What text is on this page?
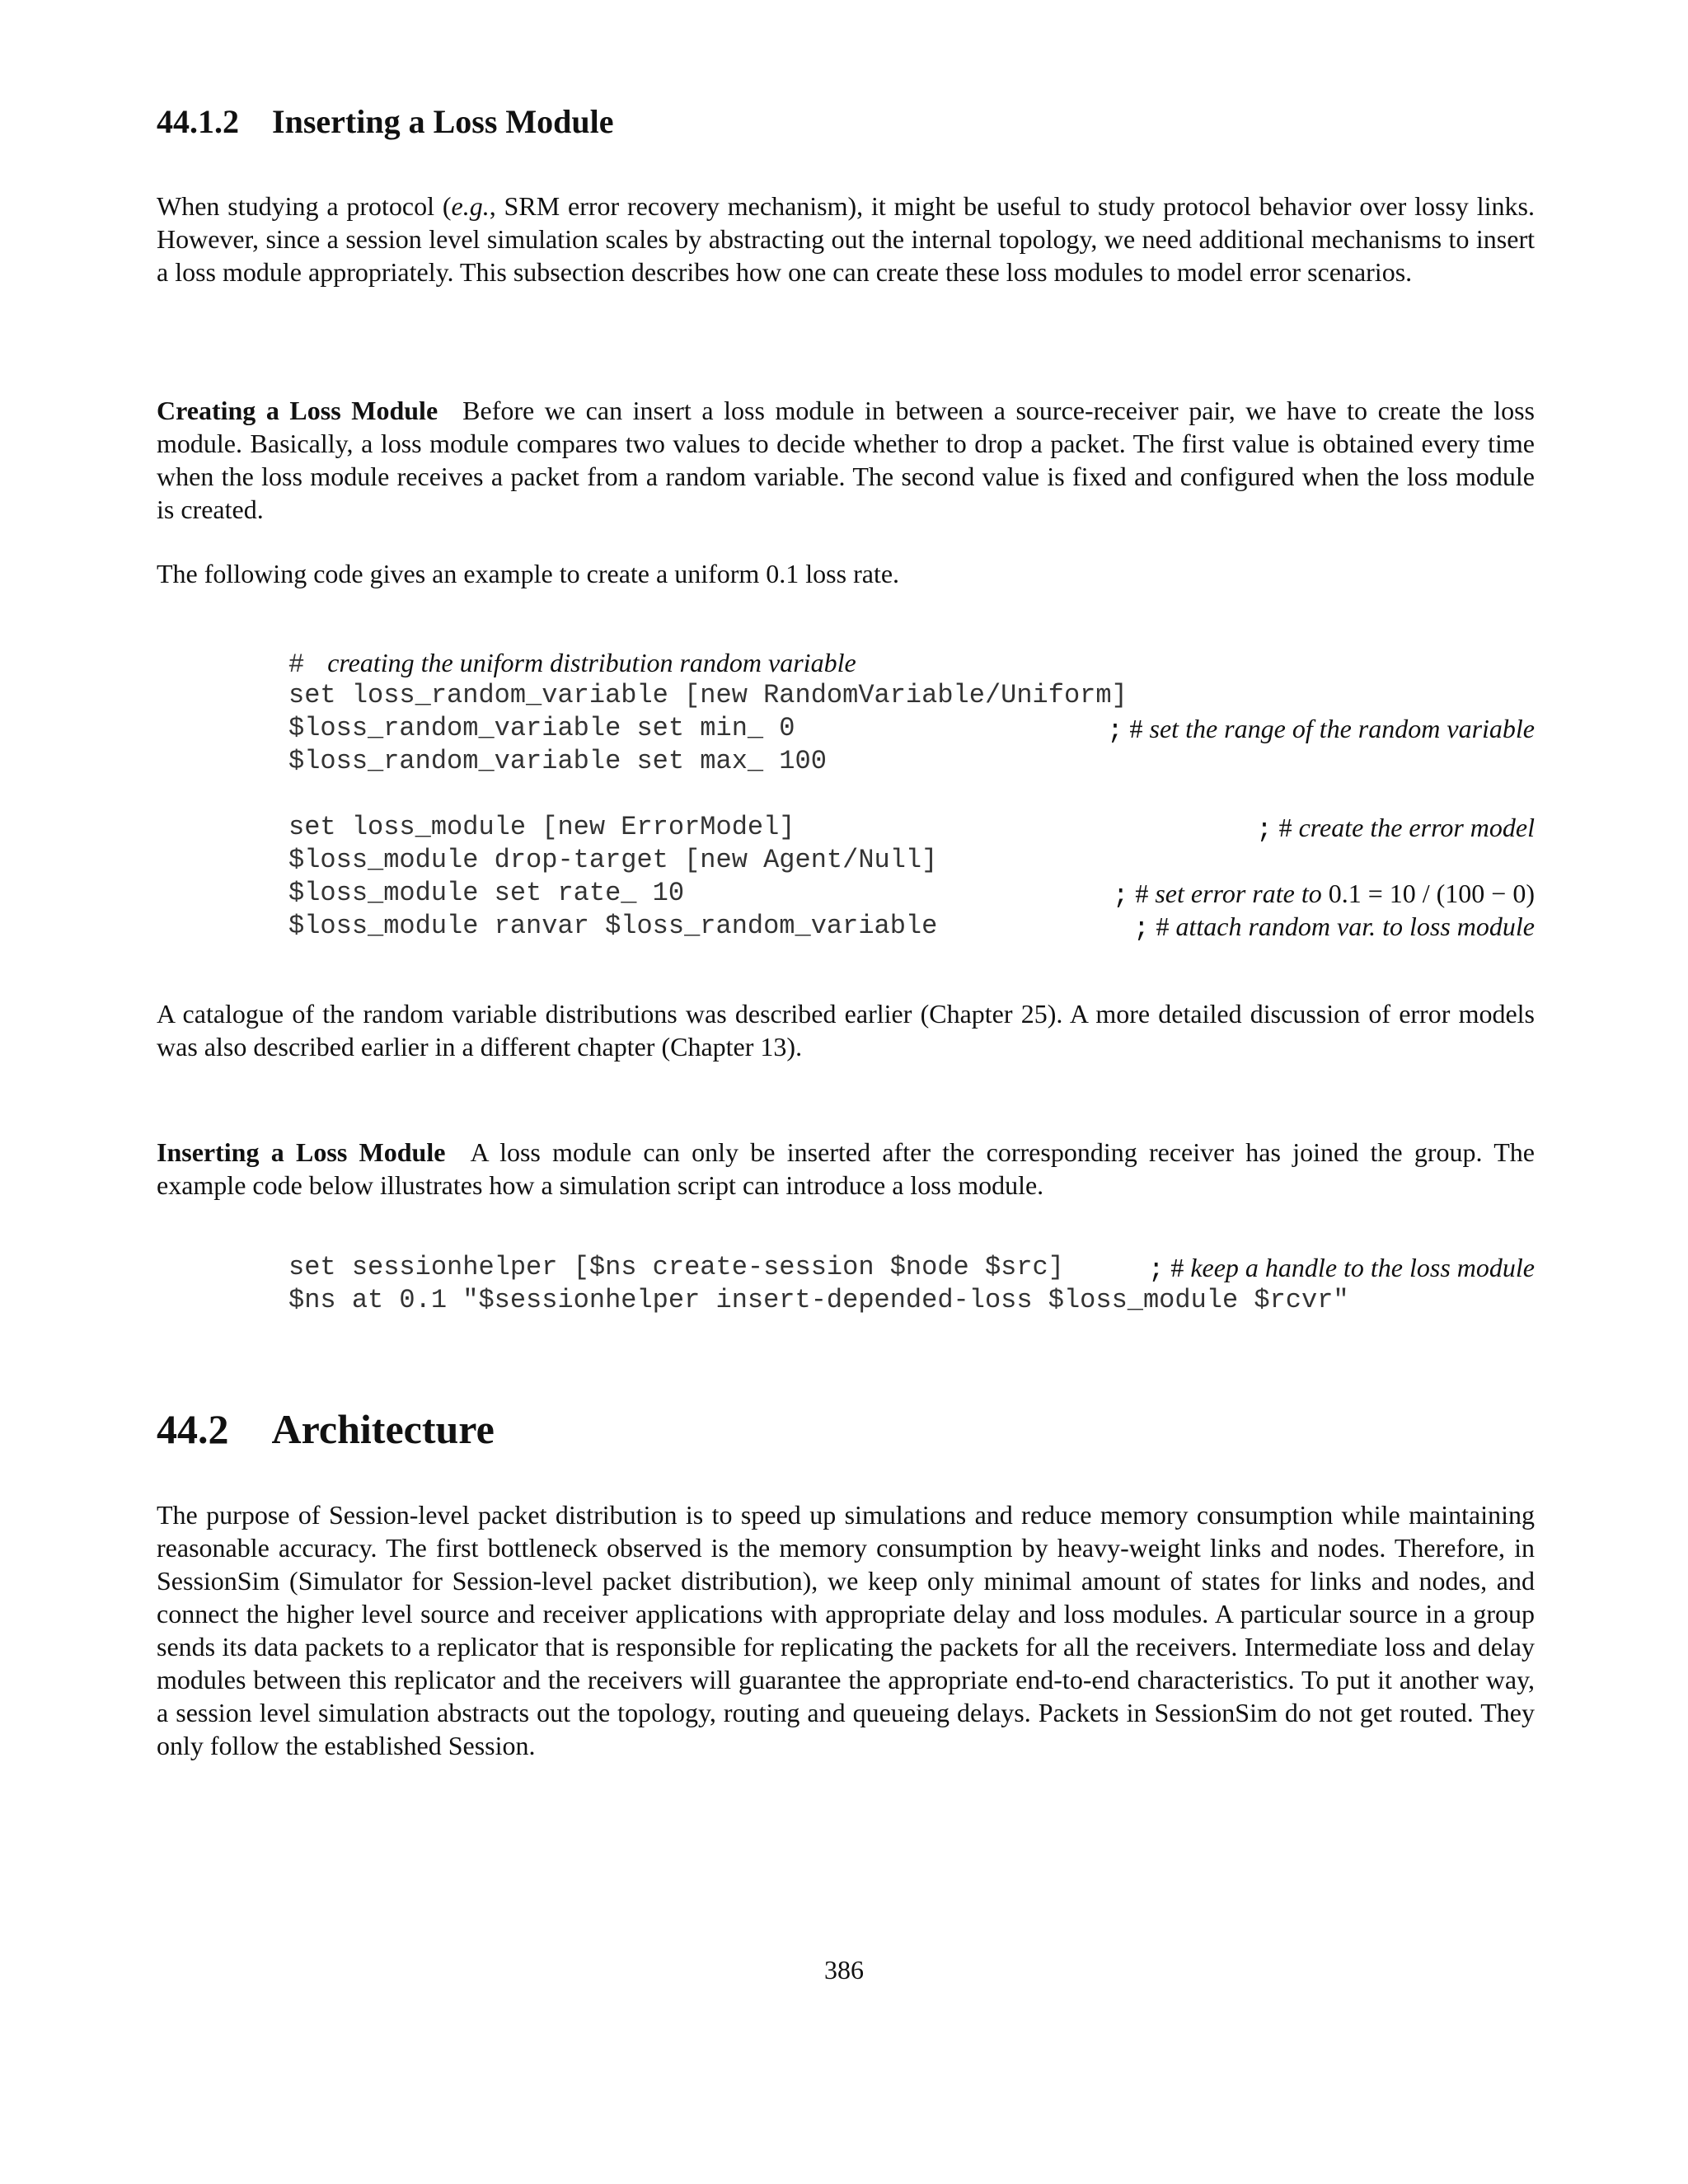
44.1.2 Inserting a Loss Module

When studying a protocol (e.g., SRM error recovery mechanism), it might be useful to study protocol behavior over lossy links. However, since a session level simulation scales by abstracting out the internal topology, we need additional mechanisms to insert a loss module appropriately. This subsection describes how one can create these loss modules to model error scenarios.

Creating a Loss Module Before we can insert a loss module in between a source-receiver pair, we have to create the loss module. Basically, a loss module compares two values to decide whether to drop a packet. The first value is obtained every time when the loss module receives a packet from a random variable. The second value is fixed and configured when the loss module is created.

The following code gives an example to create a uniform 0.1 loss rate.

# creating the uniform distribution random variable
set loss_random_variable [new RandomVariable/Uniform]
$loss_random_variable set min_ 0	; # set the range of the random variable
$loss_random_variable set max_ 100
set loss_module [new ErrorModel]	; # create the error model
$loss_module drop-target [new Agent/Null]
$loss_module set rate_ 10	; # set error rate to 0.1 = 10 / (100 − 0)
$loss_module ranvar $loss_random_variable	; # attach random var. to loss module

A catalogue of the random variable distributions was described earlier (Chapter 25). A more detailed discussion of error models was also described earlier in a different chapter (Chapter 13).

Inserting a Loss Module A loss module can only be inserted after the corresponding receiver has joined the group. The example code below illustrates how a simulation script can introduce a loss module.

set sessionhelper [$ns create-session $node $src]	; # keep a handle to the loss module
$ns at 0.1 "$sessionhelper insert-depended-loss $loss_module $rcvr"
44.2 Architecture

The purpose of Session-level packet distribution is to speed up simulations and reduce memory consumption while maintaining reasonable accuracy. The first bottleneck observed is the memory consumption by heavy-weight links and nodes. Therefore, in SessionSim (Simulator for Session-level packet distribution), we keep only minimal amount of states for links and nodes, and connect the higher level source and receiver applications with appropriate delay and loss modules. A particular source in a group sends its data packets to a replicator that is responsible for replicating the packets for all the receivers. Intermediate loss and delay modules between this replicator and the receivers will guarantee the appropriate end-to-end characteristics. To put it another way, a session level simulation abstracts out the topology, routing and queueing delays. Packets in SessionSim do not get routed. They only follow the established Session.

386
